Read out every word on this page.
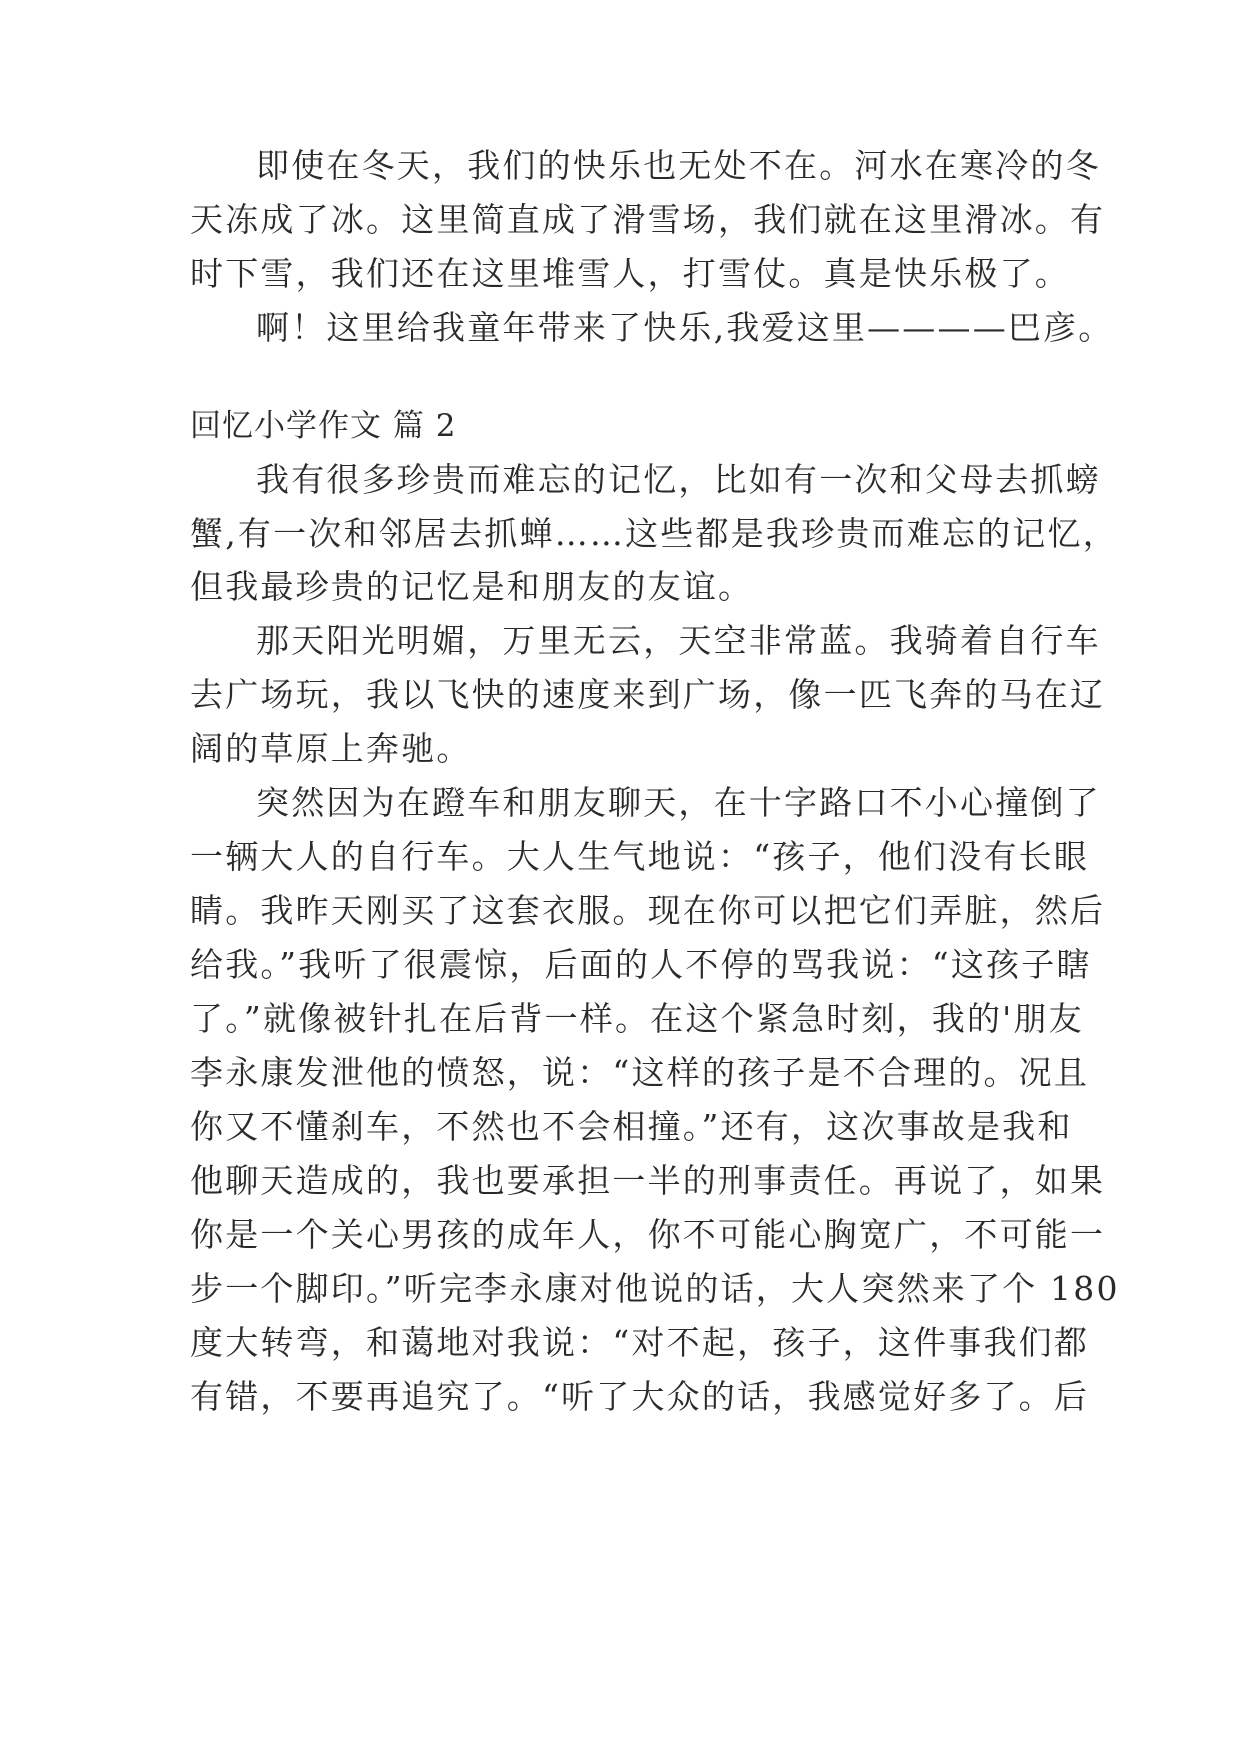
即使在冬天，我们的快乐也无处不在。河水在寒冷的冬
天冻成了冰。这里简直成了滑雪场，我们就在这里滑冰。有
时下雪，我们还在这里堆雪人，打雪仗。真是快乐极了。
啊！这里给我童年带来了快乐,我爱这里————巴彦。
回忆小学作文 篇 2
我有很多珍贵而难忘的记忆，比如有一次和父母去抓螃
蟹,有一次和邻居去抓蝉……这些都是我珍贵而难忘的记忆，
但我最珍贵的记忆是和朋友的友谊。
那天阳光明媚，万里无云，天空非常蓝。我骑着自行车
去广场玩，我以飞快的速度来到广场，像一匹飞奔的马在辽
阔的草原上奔驰。
突然因为在蹬车和朋友聊天，在十字路口不小心撞倒了
一辆大人的自行车。大人生气地说：“孩子，他们没有长眼
睛。我昨天刚买了这套衣服。现在你可以把它们弄脏，然后
给我。”我听了很震惊，后面的人不停的骂我说：“这孩子瞎
了。”就像被针扎在后背一样。在这个紧急时刻，我的'朋友
李永康发泄他的愤怒，说：“这样的孩子是不合理的。况且
你又不懂刹车，不然也不会相撞。”还有，这次事故是我和
他聊天造成的，我也要承担一半的刑事责任。再说了，如果
你是一个关心男孩的成年人，你不可能心胸宽广，不可能一
步一个脚印。”听完李永康对他说的话，大人突然来了个 180
度大转弯，和蔼地对我说：“对不起，孩子，这件事我们都
有错，不要再追究了。“听了大众的话，我感觉好多了。后
